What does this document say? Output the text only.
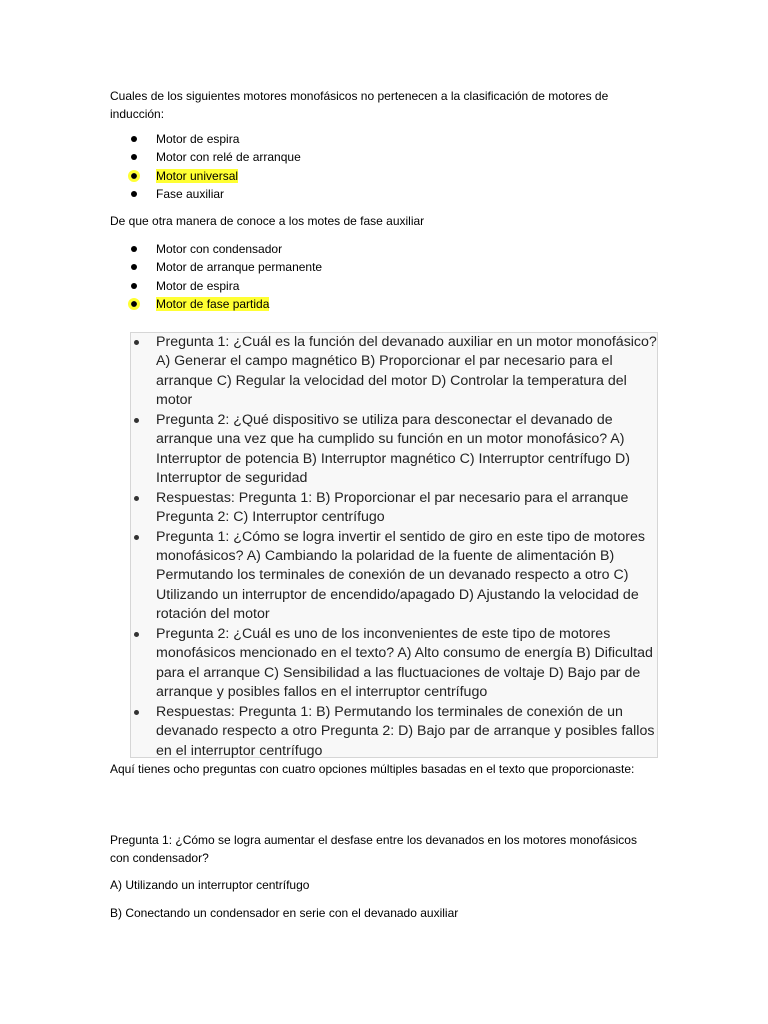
Cuales de los siguientes motores monofásicos no pertenecen a la clasificación de motores de inducción:

Motor de espira
Motor con relé de arranque
Motor universal
Fase auxiliar

De que otra manera de conoce a los motes de fase auxiliar

Motor con condensador
Motor de arranque permanente
Motor de espira
Motor de fase partida
Pregunta 1: ¿Cuál es la función del devanado auxiliar en un motor monofásico? A) Generar el campo magnético B) Proporcionar el par necesario para el arranque C) Regular la velocidad del motor D) Controlar la temperatura del motor
Pregunta 2: ¿Qué dispositivo se utiliza para desconectar el devanado de arranque una vez que ha cumplido su función en un motor monofásico? A) Interruptor de potencia B) Interruptor magnético C) Interruptor centrífugo D) Interruptor de seguridad
Respuestas: Pregunta 1: B) Proporcionar el par necesario para el arranque Pregunta 2: C) Interruptor centrífugo
Pregunta 1: ¿Cómo se logra invertir el sentido de giro en este tipo de motores monofásicos? A) Cambiando la polaridad de la fuente de alimentación B) Permutando los terminales de conexión de un devanado respecto a otro C) Utilizando un interruptor de encendido/apagado D) Ajustando la velocidad de rotación del motor
Pregunta 2: ¿Cuál es uno de los inconvenientes de este tipo de motores monofásicos mencionado en el texto? A) Alto consumo de energía B) Dificultad para el arranque C) Sensibilidad a las fluctuaciones de voltaje D) Bajo par de arranque y posibles fallos en el interruptor centrífugo
Respuestas: Pregunta 1: B) Permutando los terminales de conexión de un devanado respecto a otro Pregunta 2: D) Bajo par de arranque y posibles fallos en el interruptor centrífugo

Aquí tienes ocho preguntas con cuatro opciones múltiples basadas en el texto que proporcionaste:

Pregunta 1: ¿Cómo se logra aumentar el desfase entre los devanados en los motores monofásicos con condensador?

A) Utilizando un interruptor centrífugo

B) Conectando un condensador en serie con el devanado auxiliar
